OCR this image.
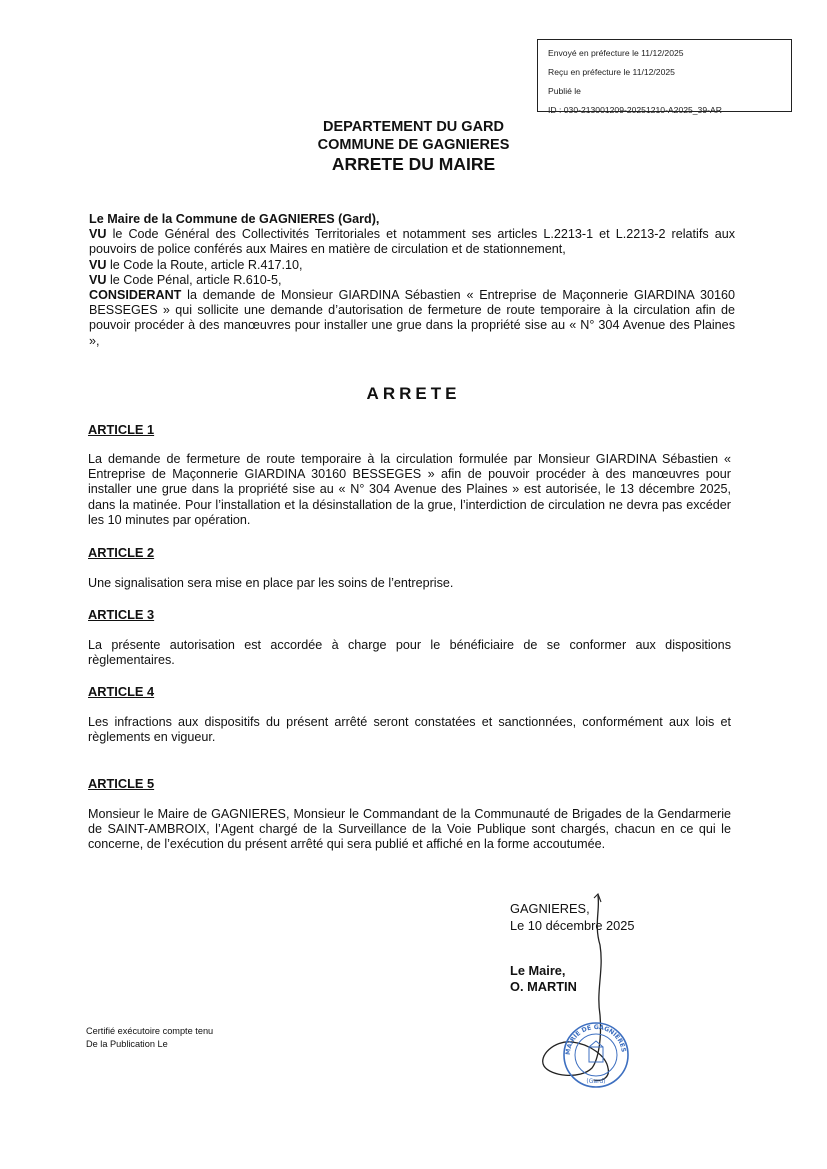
Envoyé en préfecture le 11/12/2025
Reçu en préfecture le 11/12/2025
Publié le
ID : 030-213001209-20251210-A2025_39-AR
DEPARTEMENT DU GARD
COMMUNE DE GAGNIERES
ARRETE DU MAIRE

Le Maire de la Commune de GAGNIERES (Gard),

VU le Code Général des Collectivités Territoriales et notamment ses articles L.2213-1 et L.2213-2 relatifs aux pouvoirs de police conférés aux Maires en matière de circulation et de stationnement,

VU le Code la Route, article R.417.10,

VU le Code Pénal, article R.610-5,

CONSIDERANT la demande de Monsieur GIARDINA Sébastien « Entreprise de Maçonnerie GIARDINA 30160 BESSEGES » qui sollicite une demande d’autorisation de fermeture de route temporaire à la circulation afin de pouvoir procéder à des manœuvres pour installer une grue dans la propriété sise au « N° 304 Avenue des Plaines »,

ARRETE
ARTICLE 1

La demande de fermeture de route temporaire à la circulation formulée par Monsieur GIARDINA Sébastien « Entreprise de Maçonnerie GIARDINA 30160 BESSEGES » afin de pouvoir procéder à des manœuvres pour installer une grue dans la propriété sise au « N° 304 Avenue des Plaines » est autorisée, le 13 décembre 2025, dans la matinée. Pour l’installation et la désinstallation de la grue, l’interdiction de circulation ne devra pas excéder les 10 minutes par opération.

ARTICLE 2

Une signalisation sera mise en place par les soins de l’entreprise.

ARTICLE 3

La présente autorisation est accordée à charge pour le bénéficiaire de se conformer aux dispositions règlementaires.

ARTICLE 4

Les infractions aux dispositifs du présent arrêté seront constatées et sanctionnées, conformément aux lois et règlements en vigueur.

ARTICLE 5

Monsieur le Maire de GAGNIERES, Monsieur le Commandant de la Communauté de Brigades de la Gendarmerie de SAINT-AMBROIX, l’Agent chargé de la Surveillance de la Voie Publique sont chargés, chacun en ce qui le concerne, de l’exécution du présent arrêté qui sera publié et affiché en la forme accoutumée.

GAGNIERES,
Le 10 décembre 2025
Le Maire,
O. MARTIN
Certifié exécutoire compte tenu
De la Publication Le
MAIRIE DE GAGNIERES
(Gard)
